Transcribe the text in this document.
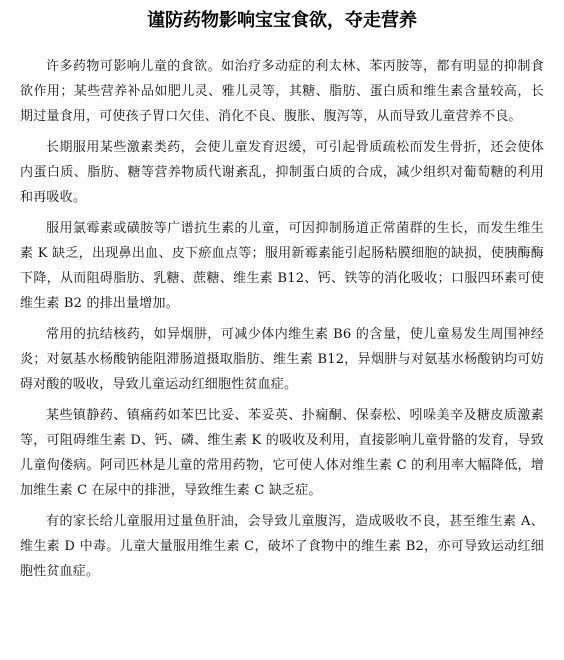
谨防药物影响宝宝食欲，夺走营养

许多药物可影响儿童的食欲。如治疗多动症的利太林、苯丙胺等，都有明显的抑制食欲作用；某些营养补品如肥儿灵、雅儿灵等，其糖、脂肪、蛋白质和维生素含量较高，长期过量食用，可使孩子胃口欠佳、消化不良、腹胀、腹泻等，从而导致儿童营养不良。

长期服用某些激素类药，会使儿童发育迟缓，可引起骨质疏松而发生骨折，还会使体内蛋白质、脂肪、糖等营养物质代谢紊乱，抑制蛋白质的合成，减少组织对葡萄糖的利用和再吸收。

服用氯霉素或磺胺等广谱抗生素的儿童，可因抑制肠道正常菌群的生长，而发生维生素 K 缺乏，出现鼻出血、皮下瘀血点等；服用新霉素能引起肠粘膜细胞的缺损，使胰酶酶下降，从而阻碍脂肪、乳糖、蔗糖、维生素 B12、钙、铁等的消化吸收；口服四环素可使维生素 B2 的排出量增加。

常用的抗结核药，如异烟肼，可减少体内维生素 B6 的含量，使儿童易发生周围神经炎；对氨基水杨酸钠能阻滞肠道摄取脂肪、维生素 B12，异烟肼与对氨基水杨酸钠均可妨碍对酸的吸收，导致儿童运动红细胞性贫血症。

某些镇静药、镇痛药如苯巴比妥、苯妥英、扑痫酮、保泰松、吲哚美辛及糖皮质激素等，可阻碍维生素 D、钙、磷、维生素 K 的吸收及利用，直接影响儿童骨骼的发育，导致儿童佝偻病。阿司匹林是儿童的常用药物，它可使人体对维生素 C 的利用率大幅降低，增加维生素 C 在尿中的排泄，导致维生素 C 缺乏症。

有的家长给儿童服用过量鱼肝油，会导致儿童腹泻，造成吸收不良，甚至维生素 A、维生素 D 中毒。儿童大量服用维生素 C，破坏了食物中的维生素 B2，亦可导致运动红细胞性贫血症。
